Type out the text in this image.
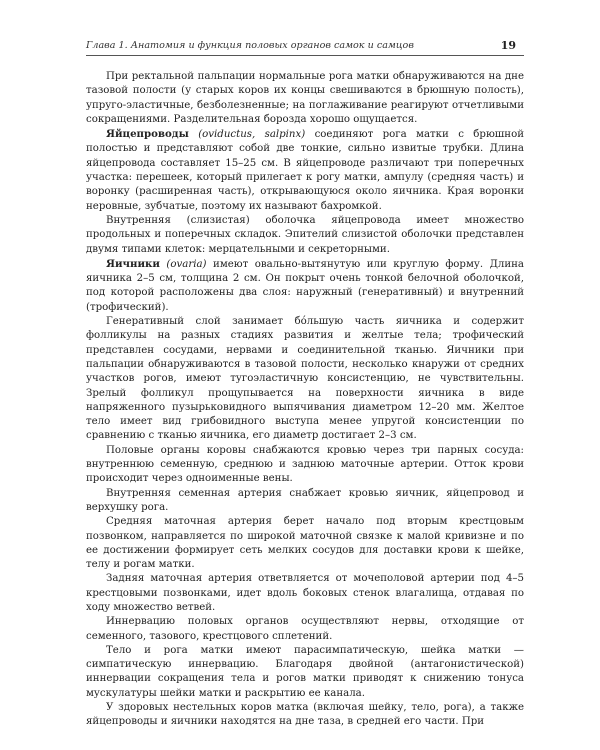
Глава 1. Анатомия и функция половых органов самок и самцов	19

При ректальной пальпации нормальные рога матки обнаруживаются на дне тазовой полости (у старых коров их концы свешиваются в брюшную полость), упруго-эластичные, безболезненные; на поглаживание реагируют отчетливыми сокращениями. Разделительная борозда хорошо ощущается.

Яйцепроводы (oviductus, salpinx) соединяют рога матки с брюшной полостью и представляют собой две тонкие, сильно извитые трубки. Длина яйцепровода составляет 15–25 см. В яйцепроводе различают три поперечных участка: перешеек, который прилегает к рогу матки, ампулу (средняя часть) и воронку (расширенная часть), открывающуюся около яичника. Края воронки неровные, зубчатые, поэтому их называют бахромкой.

Внутренняя (слизистая) оболочка яйцепровода имеет множество продольных и поперечных складок. Эпителий слизистой оболочки представлен двумя типами клеток: мерцательными и секреторными.

Яичники (ovaria) имеют овально-вытянутую или круглую форму. Длина яичника 2–5 см, толщина 2 см. Он покрыт очень тонкой белочной оболочкой, под которой расположены два слоя: наружный (генеративный) и внутренний (трофический).

Генеративный слой занимает бо́льшую часть яичника и содержит фолликулы на разных стадиях развития и желтые тела; трофический представлен сосудами, нервами и соединительной тканью. Яичники при пальпации обнаруживаются в тазовой полости, несколько кнаружи от средних участков рогов, имеют тугоэластичную консистенцию, не чувствительны. Зрелый фолликул прощупывается на поверхности яичника в виде напряженного пузырьковидного выпячивания диаметром 12–20 мм. Желтое тело имеет вид грибовидного выступа менее упругой консистенции по сравнению с тканью яичника, его диаметр достигает 2–3 см.

Половые органы коровы снабжаются кровью через три парных сосуда: внутреннюю семенную, среднюю и заднюю маточные артерии. Отток крови происходит через одноименные вены.

Внутренняя семенная артерия снабжает кровью яичник, яйцепровод и верхушку рога.

Средняя маточная артерия берет начало под вторым крестцовым позвонком, направляется по широкой маточной связке к малой кривизне и по ее достижении формирует сеть мелких сосудов для доставки крови к шейке, телу и рогам матки.

Задняя маточная артерия ответвляется от мочеполовой артерии под 4–5 крестцовыми позвонками, идет вдоль боковых стенок влагалища, отдавая по ходу множество ветвей.

Иннервацию половых органов осуществляют нервы, отходящие от семенного, тазового, крестцового сплетений.

Тело и рога матки имеют парасимпатическую, шейка матки — симпатическую иннервацию. Благодаря двойной (антагонистической) иннервации сокращения тела и рогов матки приводят к снижению тонуса мускулатуры шейки матки и раскрытию ее канала.

У здоровых нестельных коров матка (включая шейку, тело, рога), а также яйцепроводы и яичники находятся на дне таза, в средней его части. При
